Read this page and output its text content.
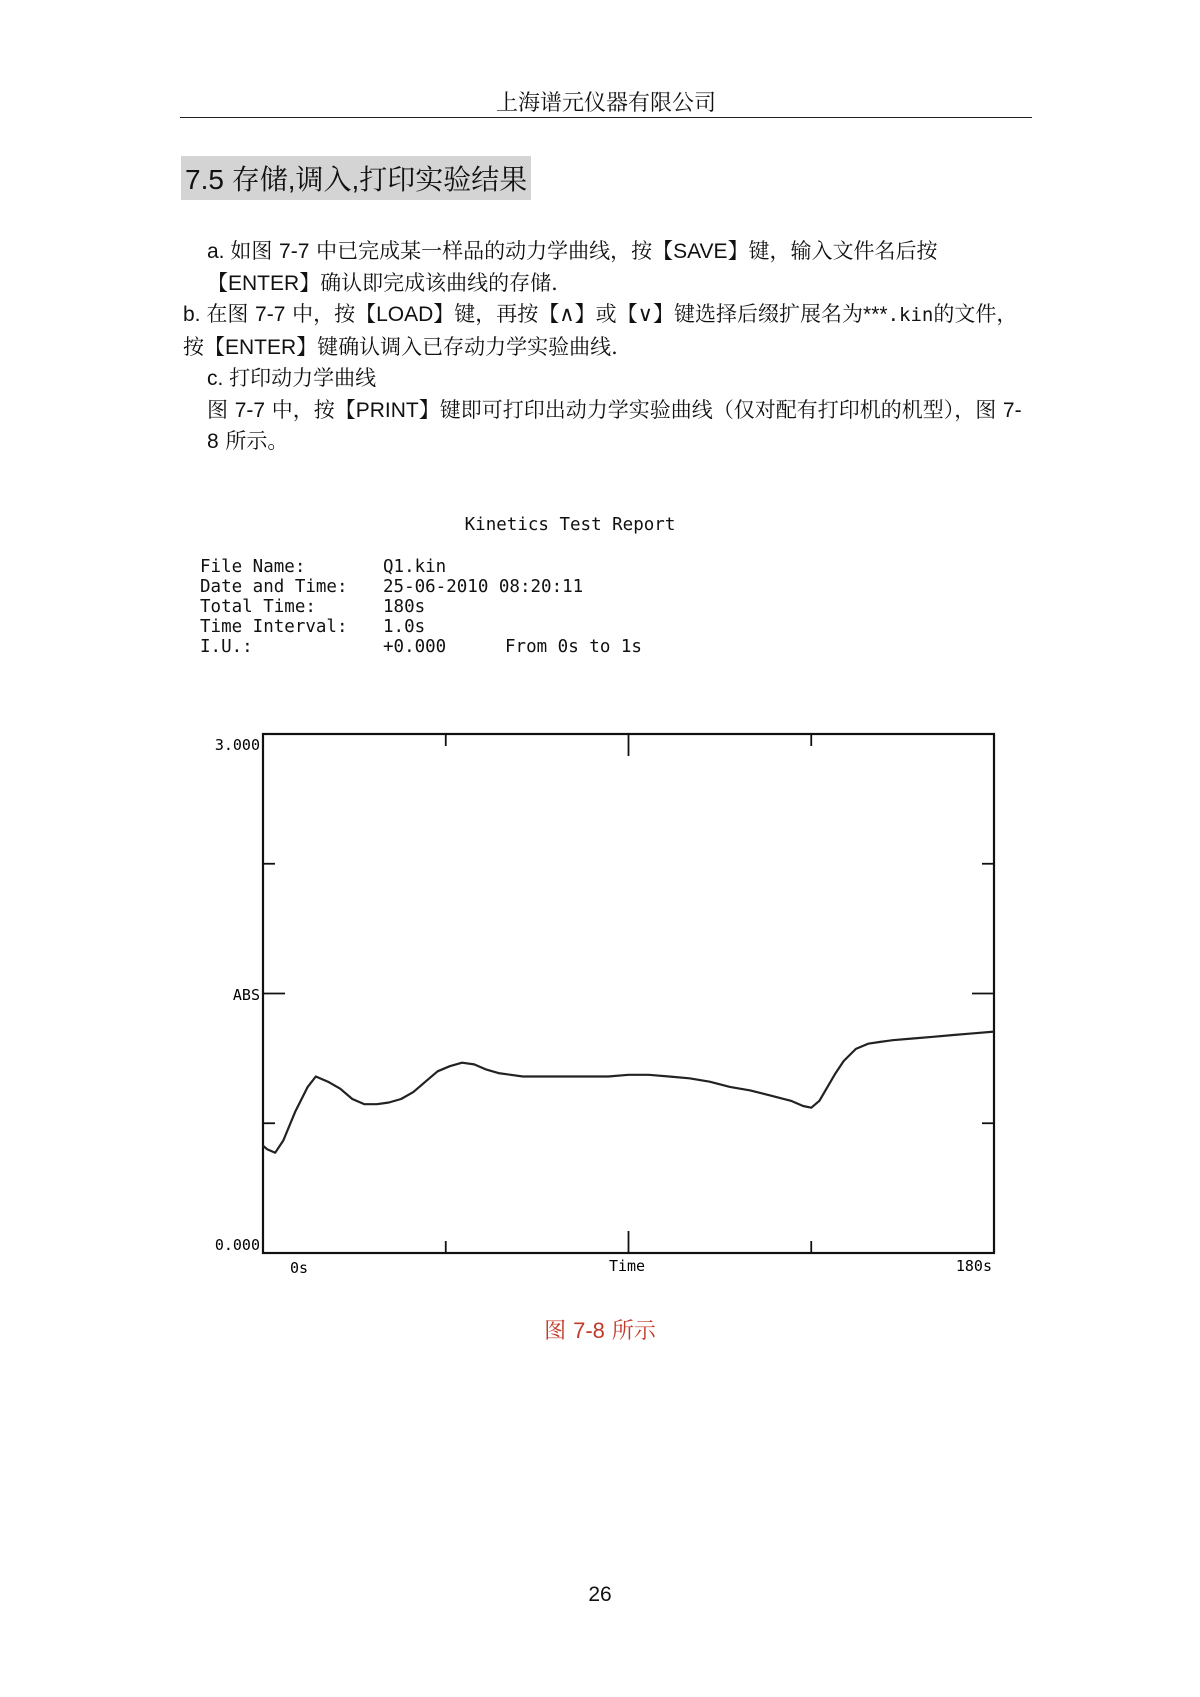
上海谱元仪器有限公司
7.5 存储,调入,打印实验结果

a. 如图 7-7 中已完成某一样品的动力学曲线，按【SAVE】键，输入文件名后按【ENTER】确认即完成该曲线的存储.

b. 在图 7-7 中，按【LOAD】键，再按【∧】或【∨】键选择后缀扩展名为***.kin的文件，按【ENTER】键确认调入已存动力学实验曲线.

c. 打印动力学曲线

图 7-7 中，按【PRINT】键即可打印出动力学实验曲线（仅对配有打印机的机型），图 7-8 所示。

Kinetics Test Report
File Name:	Q1.kin
Date and Time: 25-06-2010 08:20:11
Total Time:	180s
Time Interval: 1.0s
I.U.:	+0.000	From 0s to 1s
3.000
ABS
0.000
0s	Time	180s
图 7-8 所示
26
